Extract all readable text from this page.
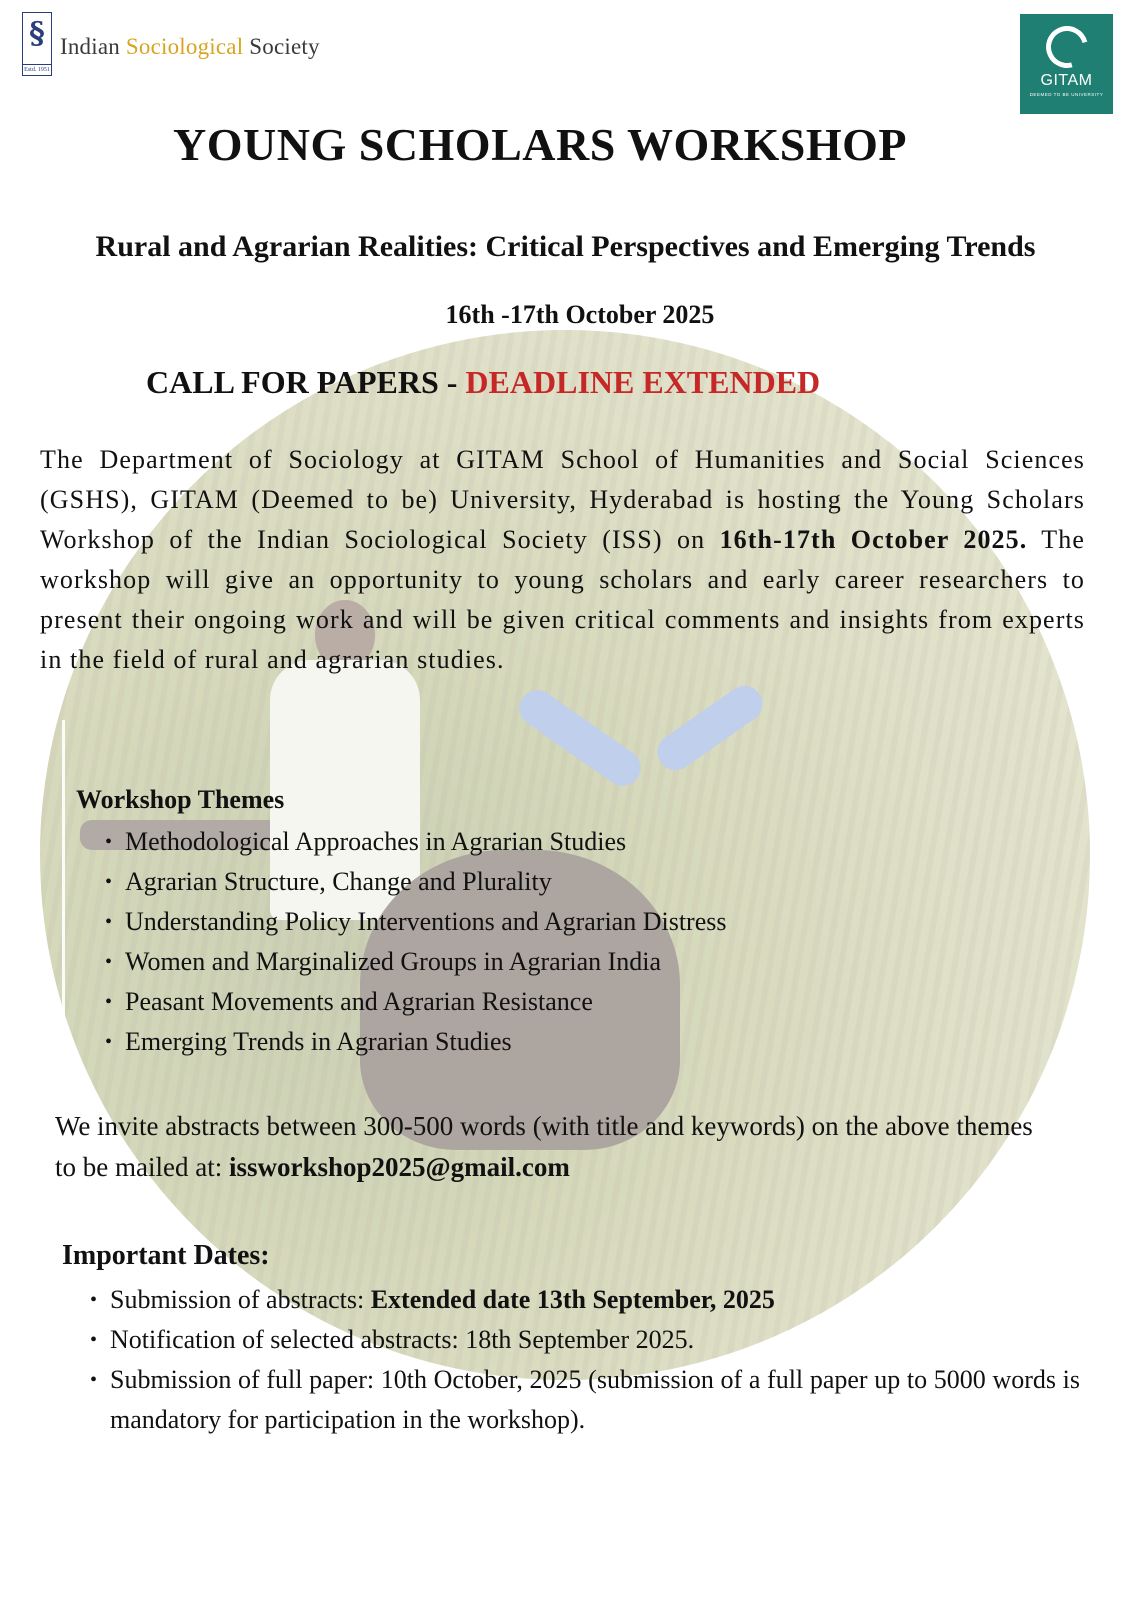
§
Estd. 1951
Indian Sociological Society
GITAM
DEEMED TO BE UNIVERSITY
YOUNG SCHOLARS WORKSHOP
Rural and Agrarian Realities: Critical Perspectives and Emerging Trends
16th -17th October 2025
CALL FOR PAPERS - DEADLINE EXTENDED
The Department of Sociology at GITAM School of Humanities and Social Sciences (GSHS), GITAM (Deemed to be) University, Hyderabad is hosting the Young Scholars Workshop of the Indian Sociological Society (ISS) on 16th-17th October 2025. The workshop will give an opportunity to young scholars and early career researchers to present their ongoing work and will be given critical comments and insights from experts in the field of rural and agrarian studies.
Workshop Themes
• Methodological Approaches in Agrarian Studies
• Agrarian Structure, Change and Plurality
• Understanding Policy Interventions and Agrarian Distress
• Women and Marginalized Groups in Agrarian India
• Peasant Movements and Agrarian Resistance
• Emerging Trends in Agrarian Studies
We invite abstracts between 300-500 words (with title and keywords) on the above themes to be mailed at: issworkshop2025@gmail.com
Important Dates:
• Submission of abstracts: Extended date 13th September, 2025
• Notification of selected abstracts: 18th September 2025.
• Submission of full paper: 10th October, 2025 (submission of a full paper up to 5000 words is mandatory for participation in the workshop).
